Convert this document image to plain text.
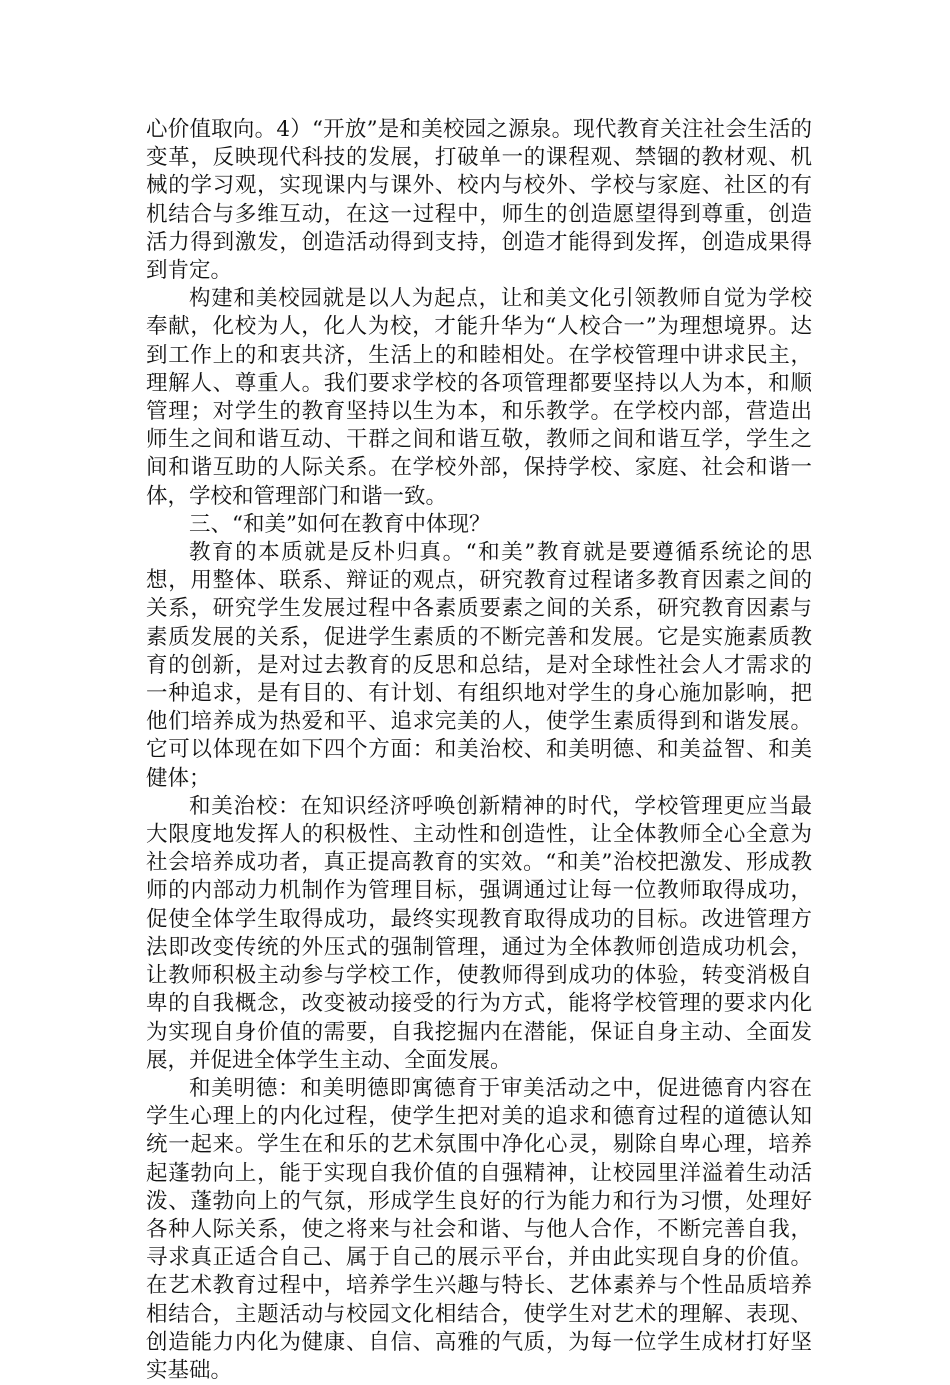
心价值取向。4）“开放”是和美校园之源泉。现代教育关注社会生活的变革，反映现代科技的发展，打破单一的课程观、禁锢的教材观、机械的学习观，实现课内与课外、校内与校外、学校与家庭、社区的有机结合与多维互动，在这一过程中，师生的创造愿望得到尊重，创造活力得到激发，创造活动得到支持，创造才能得到发挥，创造成果得到肯定。

构建和美校园就是以人为起点，让和美文化引领教师自觉为学校奉献，化校为人，化人为校，才能升华为“人校合一”为理想境界。达到工作上的和衷共济，生活上的和睦相处。在学校管理中讲求民主，理解人、尊重人。我们要求学校的各项管理都要坚持以人为本，和顺管理；对学生的教育坚持以生为本，和乐教学。在学校内部，营造出师生之间和谐互动、干群之间和谐互敬，教师之间和谐互学，学生之间和谐互助的人际关系。在学校外部，保持学校、家庭、社会和谐一体，学校和管理部门和谐一致。

三、“和美”如何在教育中体现？

教育的本质就是反朴归真。“和美”教育就是要遵循系统论的思想，用整体、联系、辩证的观点，研究教育过程诸多教育因素之间的关系，研究学生发展过程中各素质要素之间的关系，研究教育因素与素质发展的关系，促进学生素质的不断完善和发展。它是实施素质教育的创新，是对过去教育的反思和总结，是对全球性社会人才需求的一种追求，是有目的、有计划、有组织地对学生的身心施加影响，把他们培养成为热爱和平、追求完美的人，使学生素质得到和谐发展。它可以体现在如下四个方面：和美治校、和美明德、和美益智、和美健体；

和美治校：在知识经济呼唤创新精神的时代，学校管理更应当最大限度地发挥人的积极性、主动性和创造性，让全体教师全心全意为社会培养成功者，真正提高教育的实效。“和美”治校把激发、形成教师的内部动力机制作为管理目标，强调通过让每一位教师取得成功，促使全体学生取得成功，最终实现教育取得成功的目标。改进管理方法即改变传统的外压式的强制管理，通过为全体教师创造成功机会，让教师积极主动参与学校工作，使教师得到成功的体验，转变消极自卑的自我概念，改变被动接受的行为方式，能将学校管理的要求内化为实现自身价值的需要，自我挖掘内在潜能，保证自身主动、全面发展，并促进全体学生主动、全面发展。

和美明德：和美明德即寓德育于审美活动之中，促进德育内容在学生心理上的内化过程，使学生把对美的追求和德育过程的道德认知统一起来。学生在和乐的艺术氛围中净化心灵，剔除自卑心理，培养起蓬勃向上，能于实现自我价值的自强精神，让校园里洋溢着生动活泼、蓬勃向上的气氛，形成学生良好的行为能力和行为习惯，处理好各种人际关系，使之将来与社会和谐、与他人合作，不断完善自我，寻求真正适合自己、属于自己的展示平台，并由此实现自身的价值。在艺术教育过程中，培养学生兴趣与特长、艺体素养与个性品质培养相结合，主题活动与校园文化相结合，使学生对艺术的理解、表现、创造能力内化为健康、自信、高雅的气质，为每一位学生成材打好坚实基础。
